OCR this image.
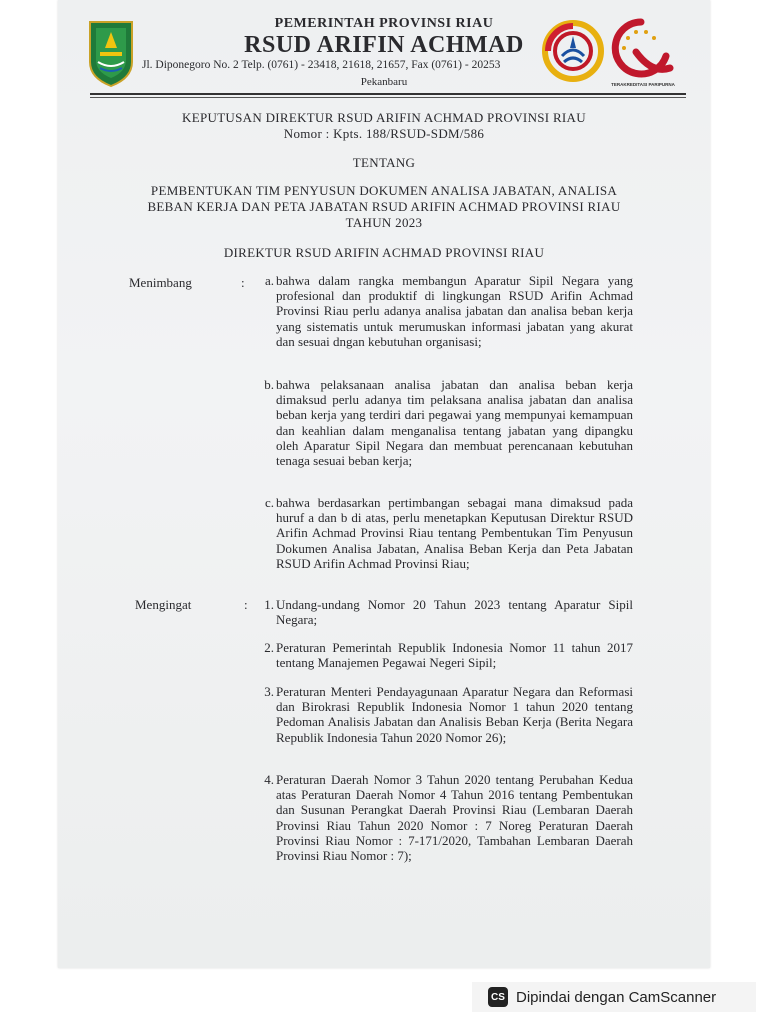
PEMERINTAH PROVINSI RIAU
RSUD ARIFIN ACHMAD
Jl. Diponegoro No. 2 Telp. (0761) - 23418, 21618, 21657, Fax (0761) - 20253
Pekanbaru	TERAKREDITASI PARIPURNA
KEPUTUSAN DIREKTUR RSUD ARIFIN ACHMAD PROVINSI RIAU
Nomor : Kpts. 188/RSUD-SDM/586
TENTANG
PEMBENTUKAN TIM PENYUSUN DOKUMEN ANALISA JABATAN, ANALISA
BEBAN KERJA DAN PETA JABATAN RSUD ARIFIN ACHMAD PROVINSI RIAU
TAHUN 2023
DIREKTUR RSUD ARIFIN ACHMAD PROVINSI RIAU
Menimbang	:	a. bahwa dalam rangka membangun Aparatur Sipil Negara yang profesional dan produktif di lingkungan RSUD Arifin Achmad Provinsi Riau perlu adanya analisa jabatan dan analisa beban kerja yang sistematis untuk merumuskan informasi jabatan yang akurat dan sesuai dngan kebutuhan organisasi;
b. bahwa pelaksanaan analisa jabatan dan analisa beban kerja dimaksud perlu adanya tim pelaksana analisa jabatan dan analisa beban kerja yang terdiri dari pegawai yang mempunyai kemampuan dan keahlian dalam menganalisa tentang jabatan yang dipangku oleh Aparatur Sipil Negara dan membuat perencanaan kebutuhan tenaga sesuai beban kerja;
c. bahwa berdasarkan pertimbangan sebagai mana dimaksud pada huruf a dan b di atas, perlu menetapkan Keputusan Direktur RSUD Arifin Achmad Provinsi Riau tentang Pembentukan Tim Penyusun Dokumen Analisa Jabatan, Analisa Beban Kerja dan Peta Jabatan RSUD Arifin Achmad Provinsi Riau;
Mengingat	:	1. Undang-undang Nomor 20 Tahun 2023 tentang Aparatur Sipil Negara;
2. Peraturan Pemerintah Republik Indonesia Nomor 11 tahun 2017 tentang Manajemen Pegawai Negeri Sipil;
3. Peraturan Menteri Pendayagunaan Aparatur Negara dan Reformasi dan Birokrasi Republik Indonesia Nomor 1 tahun 2020 tentang Pedoman Analisis Jabatan dan Analisis Beban Kerja (Berita Negara Republik Indonesia Tahun 2020 Nomor 26);
4. Peraturan Daerah Nomor 3 Tahun 2020 tentang Perubahan Kedua atas Peraturan Daerah Nomor 4 Tahun 2016 tentang Pembentukan dan Susunan Perangkat Daerah Provinsi Riau (Lembaran Daerah Provinsi Riau Tahun 2020 Nomor : 7 Noreg Peraturan Daerah Provinsi Riau Nomor : 7-171/2020, Tambahan Lembaran Daerah Provinsi Riau Nomor : 7);
CS Dipindai dengan CamScanner
